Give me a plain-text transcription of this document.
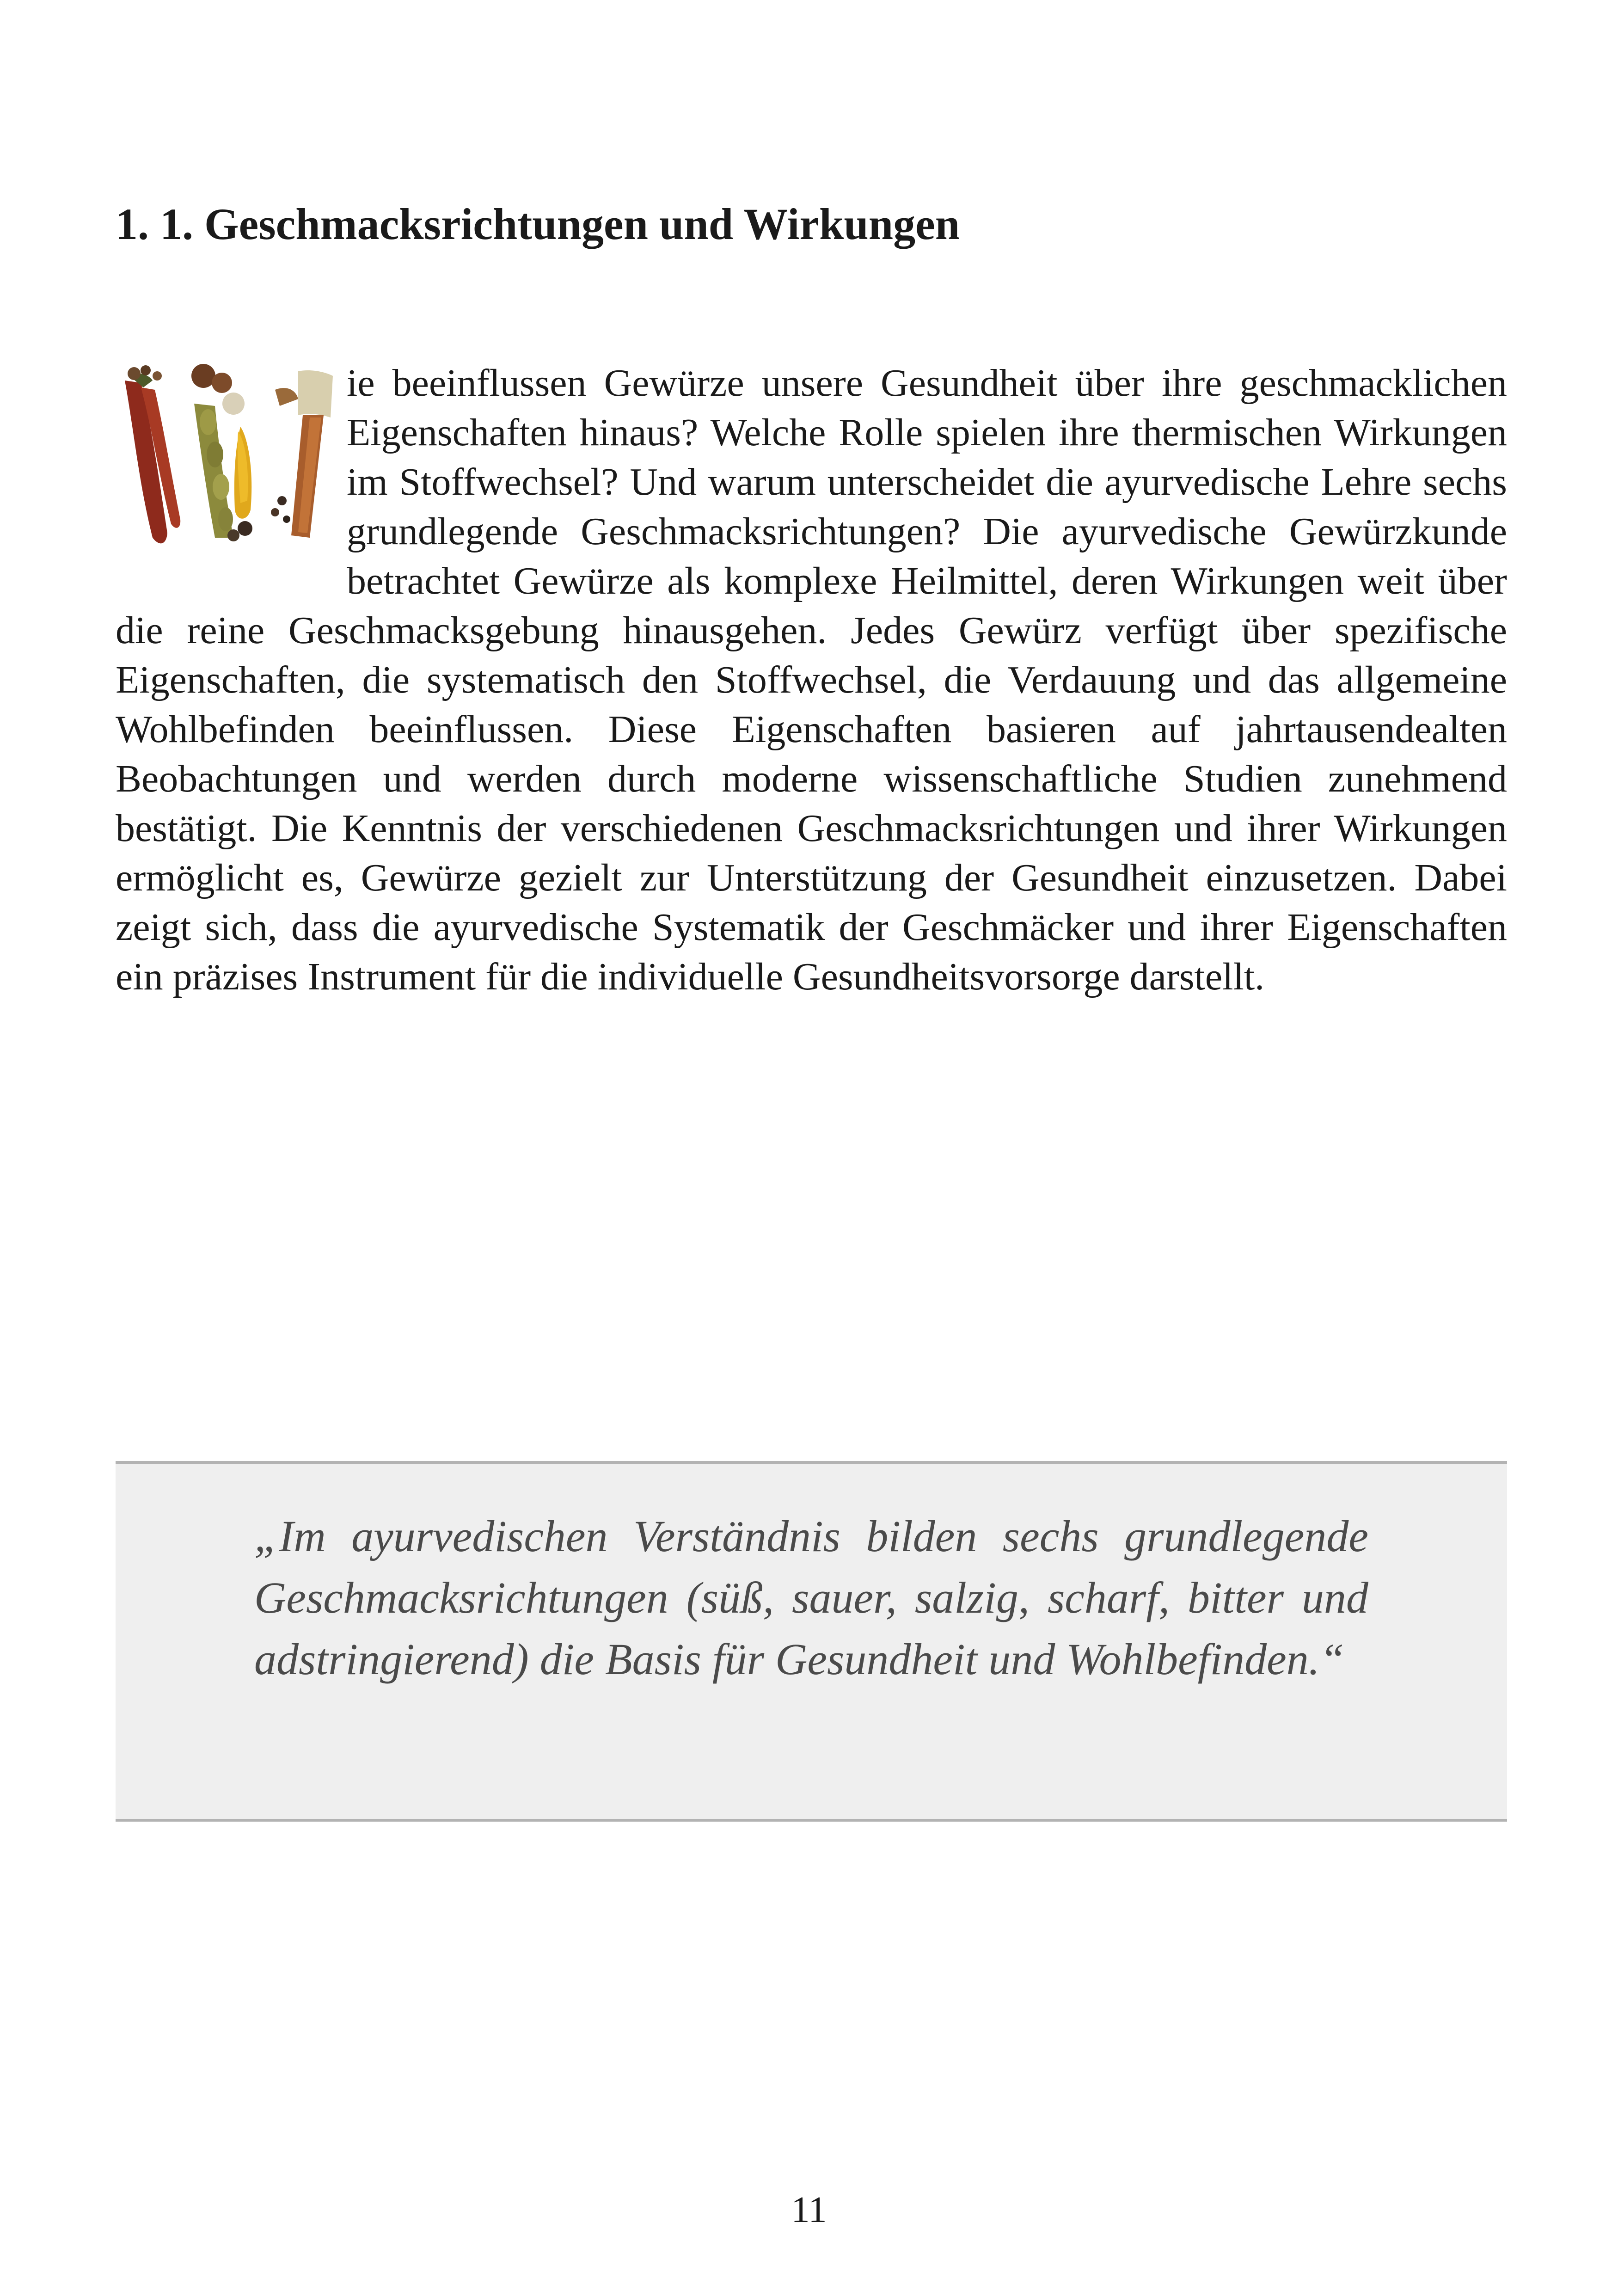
1. 1. Geschmacksrichtungen und Wirkungen

ie beeinflussen Gewürze unsere Gesundheit über ihre geschmacklichen Eigenschaften hinaus? Welche Rolle spielen ihre thermischen Wirkungen im Stoffwechsel? Und warum unterscheidet die ayurvedische Lehre sechs grundlegende Geschmacksrichtungen? Die ayurvedische Gewürzkunde betrachtet Gewürze als komplexe Heilmittel, deren Wirkungen weit über die reine Geschmacksgebung hinausgehen. Jedes Gewürz verfügt über spezifische Eigenschaften, die systematisch den Stoffwechsel, die Verdauung und das allgemeine Wohlbefinden beeinflussen. Diese Eigenschaften basieren auf jahrtausendealten Beobachtungen und werden durch moderne wissenschaftliche Studien zunehmend bestätigt. Die Kenntnis der verschiedenen Geschmacksrichtungen und ihrer Wirkungen ermöglicht es, Gewürze gezielt zur Unterstützung der Gesundheit einzusetzen. Dabei zeigt sich, dass die ayurvedische Systematik der Geschmäcker und ihrer Eigenschaften ein präzises Instrument für die individuelle Gesundheitsvorsorge darstellt.

„Im ayurvedischen Verständnis bilden sechs grundlegende Geschmacksrichtungen (süß, sauer, salzig, scharf, bitter und adstringierend) die Basis für Gesundheit und Wohlbefinden.“

11
